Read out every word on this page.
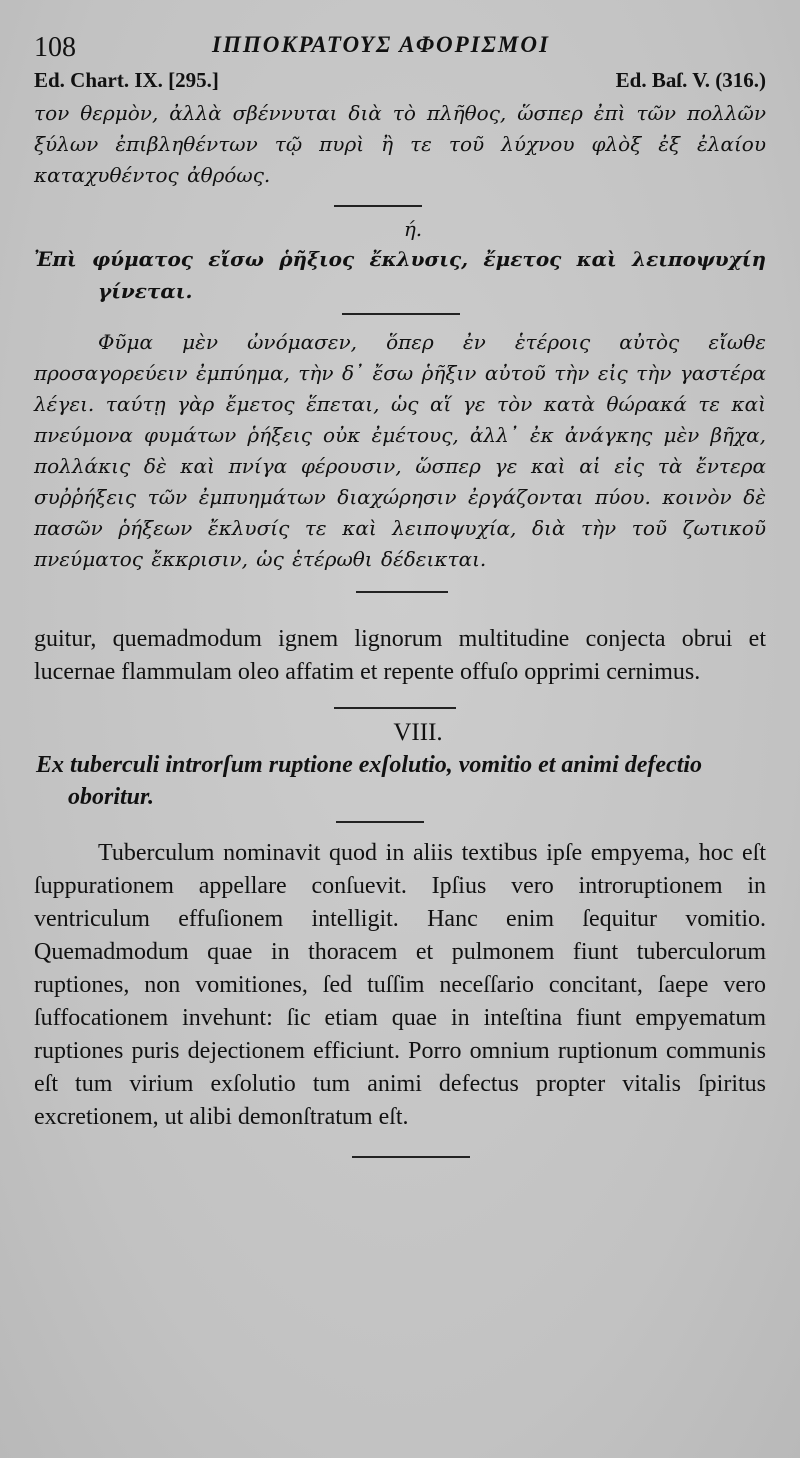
108	ΙΠΠΟΚΡΑΤΟΥΣ ΑΦΟΡΙΣΜΟΙ
Ed. Chart. IX. [295.]	Ed. Baſ. V. (316.)

τον θερμὸν, ἀλλὰ σβέννυται διὰ τὸ πλῆθος, ὥσπερ ἐπὶ τῶν πολλῶν ξύλων ἐπιβληθέντων τῷ πυρὶ ἢ τε τοῦ λύχνου φλὸξ ἐξ ἐλαίου καταχυθέντος ἀθρόως.

ή.
Ἐπὶ φύματος εἴσω ῥῆξιος ἔκλυσις, ἔμετος καὶ λειποψυχίη γίνεται.

Φῦμα μὲν ὠνόμασεν, ὅπερ ἐν ἑτέροις αὐτὸς εἴωθε προσαγορεύειν ἐμπύημα, τὴν δ᾽ ἔσω ῥῆξιν αὐτοῦ τὴν εἰς τὴν γαστέρα λέγει. ταύτῃ γὰρ ἔμετος ἕπεται, ὡς αἵ γε τὸν κατὰ θώρακά τε καὶ πνεύμονα φυμάτων ῥήξεις οὐκ ἐμέτους, ἀλλ᾽ ἐκ ἀνάγκης μὲν βῆχα, πολλάκις δὲ καὶ πνίγα φέρουσιν, ὥσπερ γε καὶ αἱ εἰς τὰ ἔντερα συῤῥήξεις τῶν ἐμπυημάτων διαχώρησιν ἐργάζονται πύου. κοινὸν δὲ πασῶν ῥήξεων ἔκλυσίς τε καὶ λειποψυχία, διὰ τὴν τοῦ ζωτικοῦ πνεύματος ἔκκρισιν, ὡς ἑτέρωθι δέδεικται.

guitur, quemadmodum ignem lignorum multitudine conjecta obrui et lucernae flammulam oleo affatim et repente offuſo opprimi cernimus.

VIII.
Ex tuberculi introrſum ruptione exſolutio, vomitio et animi defectio oboritur.

Tuberculum nominavit quod in aliis textibus ipſe empyema, hoc eſt ſuppurationem appellare conſuevit. Ipſius vero introruptionem in ventriculum effuſionem intelligit. Hanc enim ſequitur vomitio. Quemadmodum quae in thoracem et pulmonem fiunt tuberculorum ruptiones, non vomitiones, ſed tuſſim neceſſario concitant, ſaepe vero ſuffocationem invehunt: ſic etiam quae in inteſtina fiunt empyematum ruptiones puris dejectionem efficiunt. Porro omnium ruptionum communis eſt tum virium exſolutio tum animi defectus propter vitalis ſpiritus excretionem, ut alibi demonſtratum eſt.
